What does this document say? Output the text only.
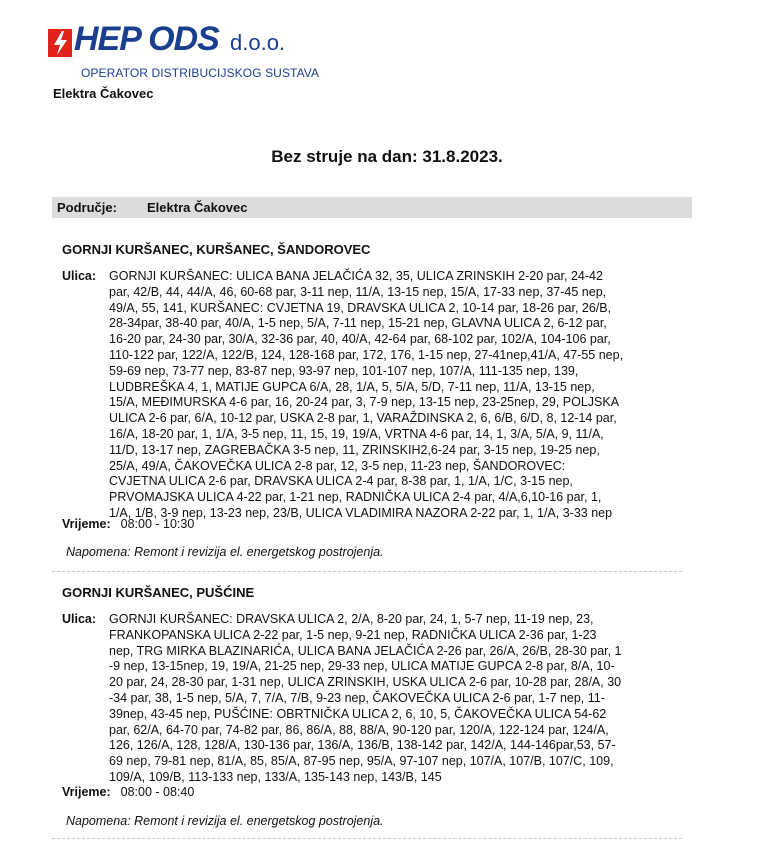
HEP ODS d.o.o.
OPERATOR DISTRIBUCIJSKOG SUSTAVA
Elektra Čakovec
Bez struje na dan: 31.8.2023.
Područje: Elektra Čakovec
GORNJI KURŠANEC, KURŠANEC, ŠANDOROVEC
Ulica: GORNJI KURŠANEC: ULICA BANA JELAČIĆA 32, 35, ULICA ZRINSKIH 2-20 par, 24-42
par, 42/B, 44, 44/A, 46, 60-68 par, 3-11 nep, 11/A, 13-15 nep, 15/A, 17-33 nep, 37-45 nep,
49/A, 55, 141, KURŠANEC: CVJETNA 19, DRAVSKA ULICA 2, 10-14 par, 18-26 par, 26/B,
28-34par, 38-40 par, 40/A, 1-5 nep, 5/A, 7-11 nep, 15-21 nep, GLAVNA ULICA 2, 6-12 par,
16-20 par, 24-30 par, 30/A, 32-36 par, 40, 40/A, 42-64 par, 68-102 par, 102/A, 104-106 par,
110-122 par, 122/A, 122/B, 124, 128-168 par, 172, 176, 1-15 nep, 27-41nep,41/A, 47-55 nep,
59-69 nep, 73-77 nep, 83-87 nep, 93-97 nep, 101-107 nep, 107/A, 111-135 nep, 139,
LUDBREŠKA 4, 1, MATIJE GUPCA 6/A, 28, 1/A, 5, 5/A, 5/D, 7-11 nep, 11/A, 13-15 nep,
15/A, MEĐIMURSKA 4-6 par, 16, 20-24 par, 3, 7-9 nep, 13-15 nep, 23-25nep, 29, POLJSKA
ULICA 2-6 par, 6/A, 10-12 par, USKA 2-8 par, 1, VARAŽDINSKA 2, 6, 6/B, 6/D, 8, 12-14 par,
16/A, 18-20 par, 1, 1/A, 3-5 nep, 11, 15, 19, 19/A, VRTNA 4-6 par, 14, 1, 3/A, 5/A, 9, 11/A,
11/D, 13-17 nep, ZAGREBAČKA 3-5 nep, 11, ZRINSKIH2,6-24 par, 3-15 nep, 19-25 nep,
25/A, 49/A, ČAKOVEČKA ULICA 2-8 par, 12, 3-5 nep, 11-23 nep, ŠANDOROVEC:
CVJETNA ULICA 2-6 par, DRAVSKA ULICA 2-4 par, 8-38 par, 1, 1/A, 1/C, 3-15 nep,
PRVOMAJSKA ULICA 4-22 par, 1-21 nep, RADNIČKA ULICA 2-4 par, 4/A,6,10-16 par, 1,
1/A, 1/B, 3-9 nep, 13-23 nep, 23/B, ULICA VLADIMIRA NAZORA 2-22 par, 1, 1/A, 3-33 nep
Vrijeme: 08:00 - 10:30
Napomena: Remont i revizija el. energetskog postrojenja.
GORNJI KURŠANEC, PUŠĆINE
Ulica: GORNJI KURŠANEC: DRAVSKA ULICA 2, 2/A, 8-20 par, 24, 1, 5-7 nep, 11-19 nep, 23,
FRANKOPANSKA ULICA 2-22 par, 1-5 nep, 9-21 nep, RADNIČKA ULICA 2-36 par, 1-23
nep, TRG MIRKA BLAZINARIĆA, ULICA BANA JELAČIĆA 2-26 par, 26/A, 26/B, 28-30 par, 1
-9 nep, 13-15nep, 19, 19/A, 21-25 nep, 29-33 nep, ULICA MATIJE GUPCA 2-8 par, 8/A, 10-
20 par, 24, 28-30 par, 1-31 nep, ULICA ZRINSKIH, USKA ULICA 2-6 par, 10-28 par, 28/A, 30
-34 par, 38, 1-5 nep, 5/A, 7, 7/A, 7/B, 9-23 nep, ČAKOVEČKA ULICA 2-6 par, 1-7 nep, 11-
39nep, 43-45 nep, PUŠĆINE: OBRTNIČKA ULICA 2, 6, 10, 5, ČAKOVEČKA ULICA 54-62
par, 62/A, 64-70 par, 74-82 par, 86, 86/A, 88, 88/A, 90-120 par, 120/A, 122-124 par, 124/A,
126, 126/A, 128, 128/A, 130-136 par, 136/A, 136/B, 138-142 par, 142/A, 144-146par,53, 57-
69 nep, 79-81 nep, 81/A, 85, 85/A, 87-95 nep, 95/A, 97-107 nep, 107/A, 107/B, 107/C, 109,
109/A, 109/B, 113-133 nep, 133/A, 135-143 nep, 143/B, 145
Vrijeme: 08:00 - 08:40
Napomena: Remont i revizija el. energetskog postrojenja.
